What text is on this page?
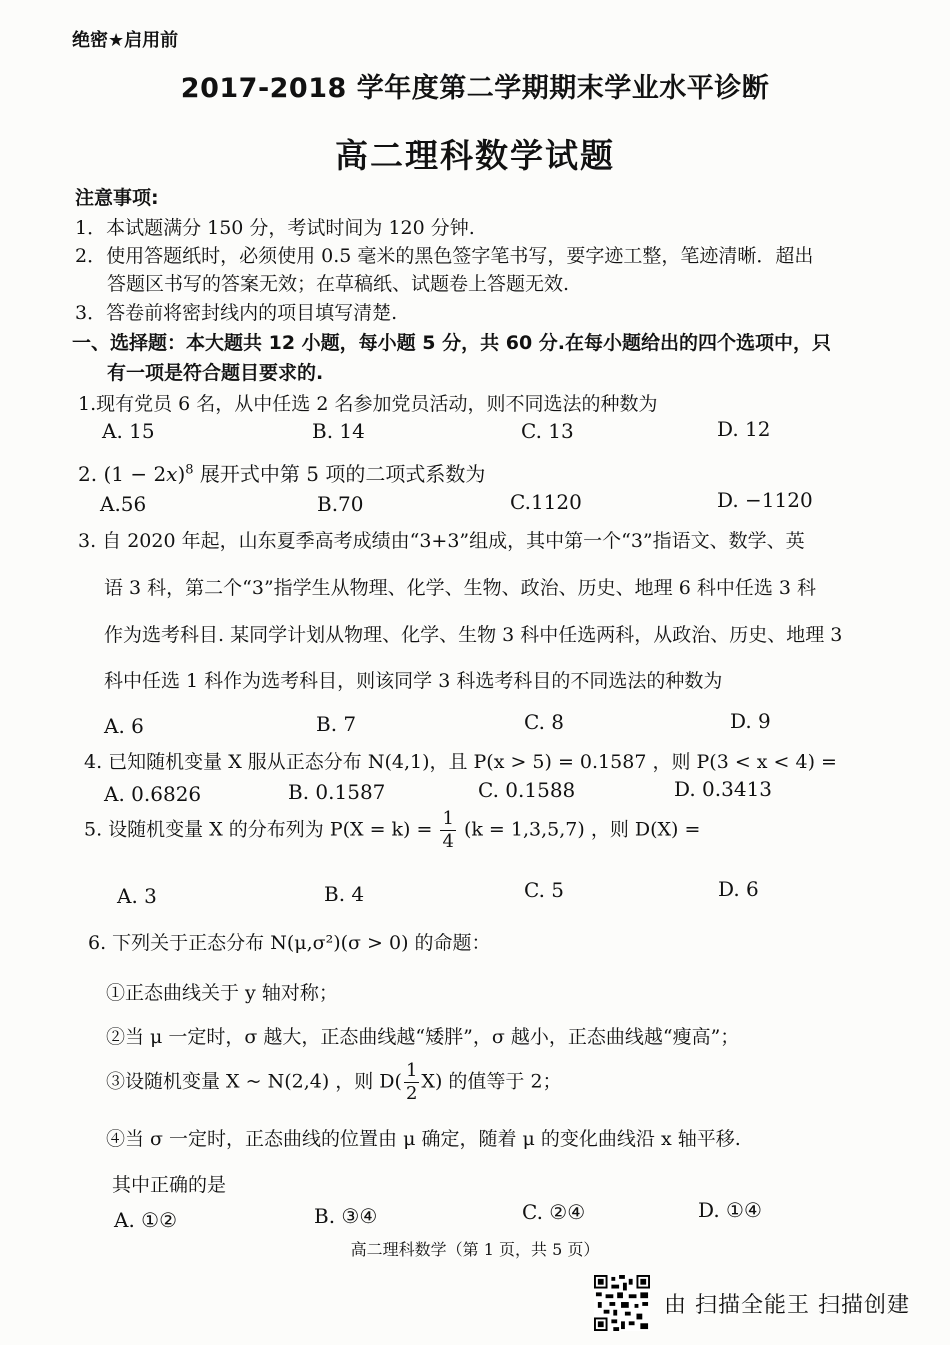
绝密★启用前
2017-2018 学年度第二学期期末学业水平诊断
高二理科数学试题
注意事项:
1．本试题满分 150 分，考试时间为 120 分钟.
2．使用答题纸时，必须使用 0.5 毫米的黑色签字笔书写，要字迹工整，笔迹清晰．超出
答题区书写的答案无效；在草稿纸、试题卷上答题无效.
3．答卷前将密封线内的项目填写清楚.
一、选择题：本大题共 12 小题，每小题 5 分，共 60 分.在每小题给出的四个选项中，只
有一项是符合题目要求的.
1.现有党员 6 名，从中任选 2 名参加党员活动，则不同选法的种数为
A. 15	B. 14	C. 13	D. 12
2. $(1 - 2x)^8$ 展开式中第 5 项的二项式系数为
A.56	B.70	C.1120	D. −1120
3. 自 2020 年起，山东夏季高考成绩由“3+3”组成，其中第一个“3”指语文、数学、英
语 3 科，第二个“3”指学生从物理、化学、生物、政治、历史、地理 6 科中任选 3 科
作为选考科目. 某同学计划从物理、化学、生物 3 科中任选两科，从政治、历史、地理 3
科中任选 1 科作为选考科目，则该同学 3 科选考科目的不同选法的种数为
A. 6	B. 7	C. 8	D. 9
4. 已知随机变量 X 服从正态分布 N(4,1)，且 P(x > 5) = 0.1587 ，则 P(3 < x < 4) =
A. 0.6826	B. 0.1587	C. 0.1588	D. 0.3413
5. 设随机变量 X 的分布列为 $P(X = k) = \frac{1}{4} (k = 1,3,5,7)$ ，则 D(X) =
A. 3	B. 4	C. 5	D. 6
6. 下列关于正态分布 N(μ,σ²)(σ > 0) 的命题：
①正态曲线关于 y 轴对称；
②当 μ 一定时，σ 越大，正态曲线越“矮胖”，σ 越小，正态曲线越“瘦高”；
③设随机变量 X ~ N(2,4) ，则 $D( \frac{1}{2} X)$ 的值等于 2；
④当 σ 一定时，正态曲线的位置由 μ 确定，随着 μ 的变化曲线沿 x 轴平移.
其中正确的是
A. ①②	B. ③④	C. ②④	D. ①④
高二理科数学（第 1 页，共 5 页）
由 扫描全能王 扫描创建
